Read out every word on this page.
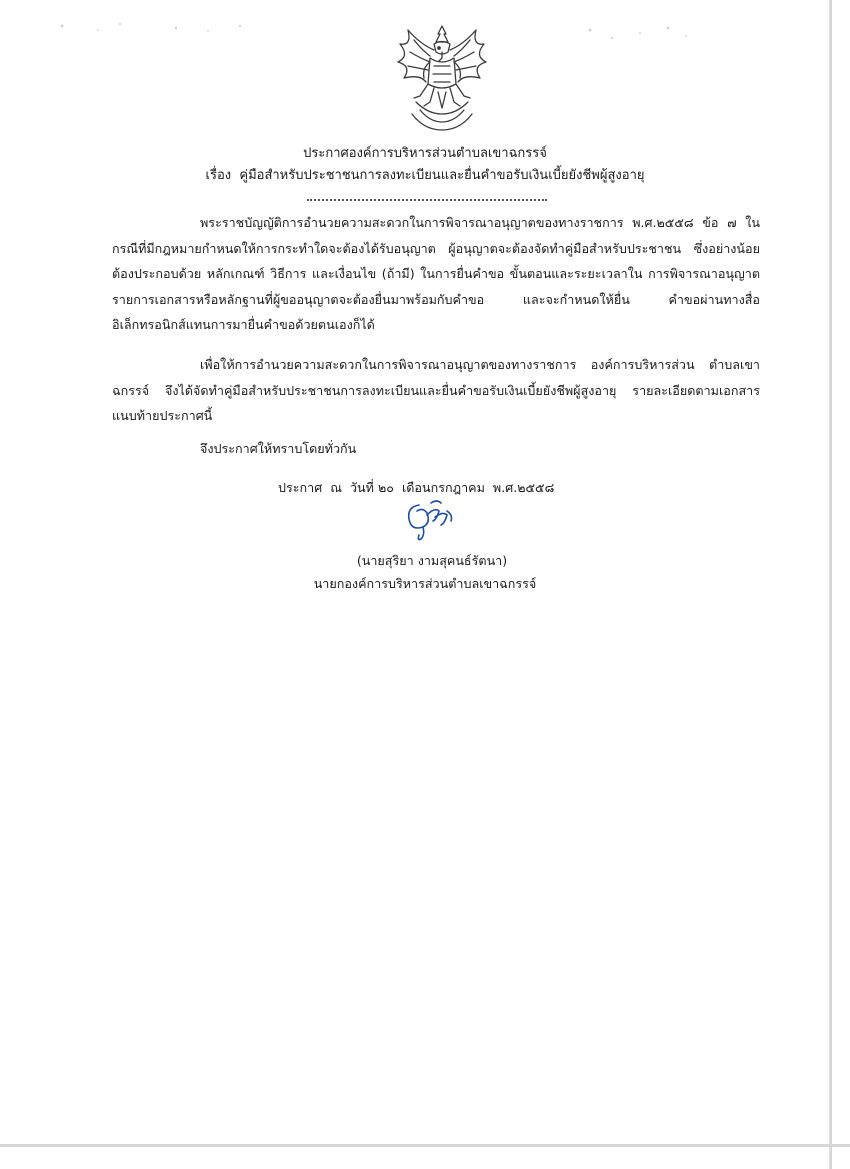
ประกาศองค์การบริหารส่วนตำบลเขาฉกรรจ์
เรื่อง คู่มือสำหรับประชาชนการลงทะเบียนและยื่นคำขอรับเงินเบี้ยยังชีพผู้สูงอายุ
พระราชบัญญัติการอำนวยความสะดวกในการพิจารณาอนุญาตของทางราชการ พ.ศ.๒๕๕๘ ข้อ ๗ ในกรณีที่มีกฎหมายกำหนดให้การกระทำใดจะต้องได้รับอนุญาต ผู้อนุญาตจะต้องจัดทำคู่มือสำหรับประชาชน ซึ่งอย่างน้อยต้องประกอบด้วย หลักเกณฑ์ วิธีการ และเงื่อนไข (ถ้ามี) ในการยื่นคำขอ ขั้นตอนและระยะเวลาใน การพิจารณาอนุญาตรายการเอกสารหรือหลักฐานที่ผู้ขออนุญาตจะต้องยื่นมาพร้อมกับคำขอ และจะกำหนดให้ยื่น คำขอผ่านทางสื่ออิเล็กทรอนิกส์แทนการมายื่นคำขอด้วยตนเองก็ได้
เพื่อให้การอำนวยความสะดวกในการพิจารณาอนุญาตของทางราชการ องค์การบริหารส่วน ตำบลเขาฉกรรจ์ จึงได้จัดทำคู่มือสำหรับประชาชนการลงทะเบียนและยื่นคำขอรับเงินเบี้ยยังชีพผู้สูงอายุ รายละเอียดตามเอกสารแนบท้ายประกาศนี้
จึงประกาศให้ทราบโดยทั่วกัน
ประกาศ ณ วันที่ ๒๐ เดือนกรกฎาคม พ.ศ.๒๕๕๘
(นายสุริยา งามสุคนธ์รัตนา)
นายกองค์การบริหารส่วนตำบลเขาฉกรรจ์
